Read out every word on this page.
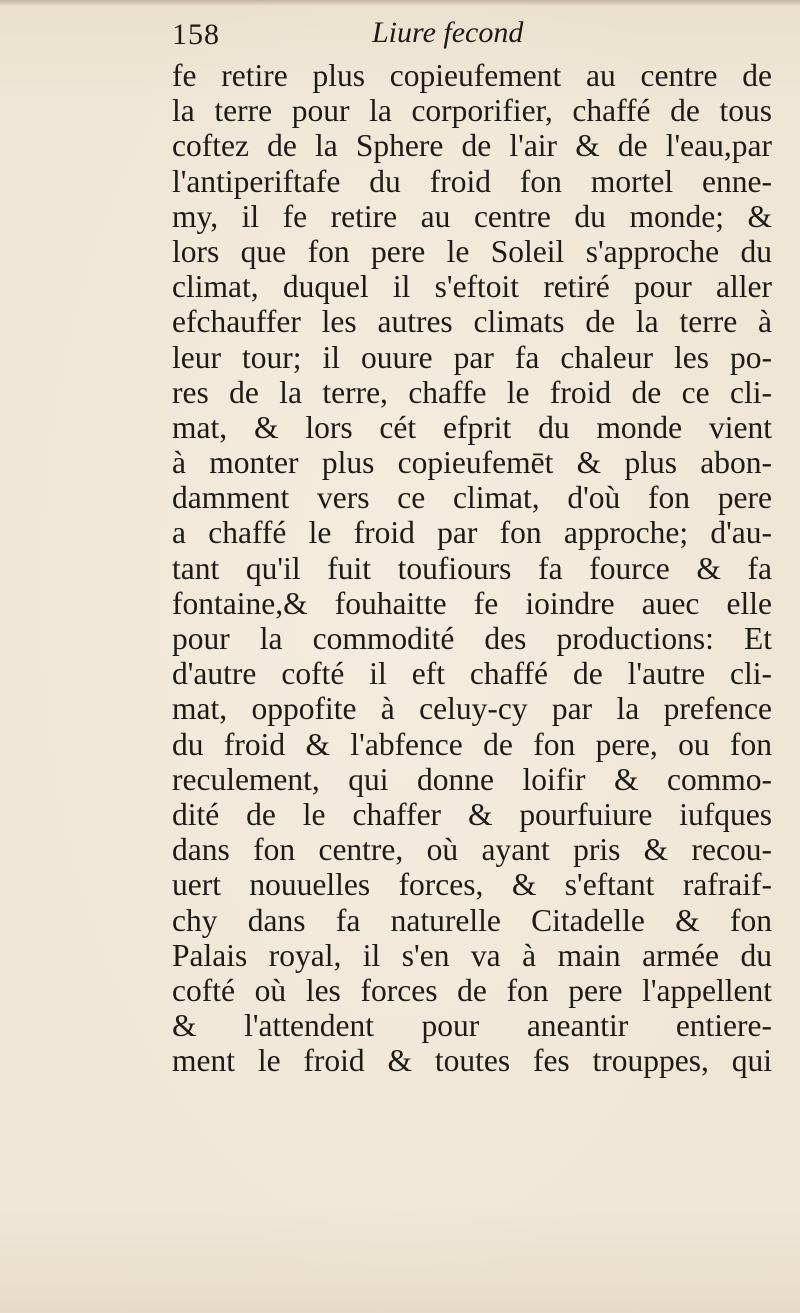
158	Liure fecond
fe retire plus copieufement au centre de
la terre pour la corporifier, chaffé de tous
coftez de la Sphere de l'air & de l'eau,par
l'antiperiftafe du froid fon mortel enne-
my, il fe retire au centre du monde; &
lors que fon pere le Soleil s'approche du
climat, duquel il s'eftoit retiré pour aller
efchauffer les autres climats de la terre à
leur tour; il ouure par fa chaleur les po-
res de la terre, chaffe le froid de ce cli-
mat, & lors cét efprit du monde vient
à monter plus copieufemēt & plus abon-
damment vers ce climat, d'où fon pere
a chaffé le froid par fon approche; d'au-
tant qu'il fuit toufiours fa fource & fa
fontaine,& fouhaitte fe ioindre auec elle
pour la commodité des productions: Et
d'autre cofté il eft chaffé de l'autre cli-
mat, oppofite à celuy-cy par la prefence
du froid & l'abfence de fon pere, ou fon
reculement, qui donne loifir & commo-
dité de le chaffer & pourfuiure iufques
dans fon centre, où ayant pris & recou-
uert nouuelles forces, & s'eftant rafraif-
chy dans fa naturelle Citadelle & fon
Palais royal, il s'en va à main armée du
cofté où les forces de fon pere l'appellent
& l'attendent pour aneantir entiere-
ment le froid & toutes fes trouppes, qui
